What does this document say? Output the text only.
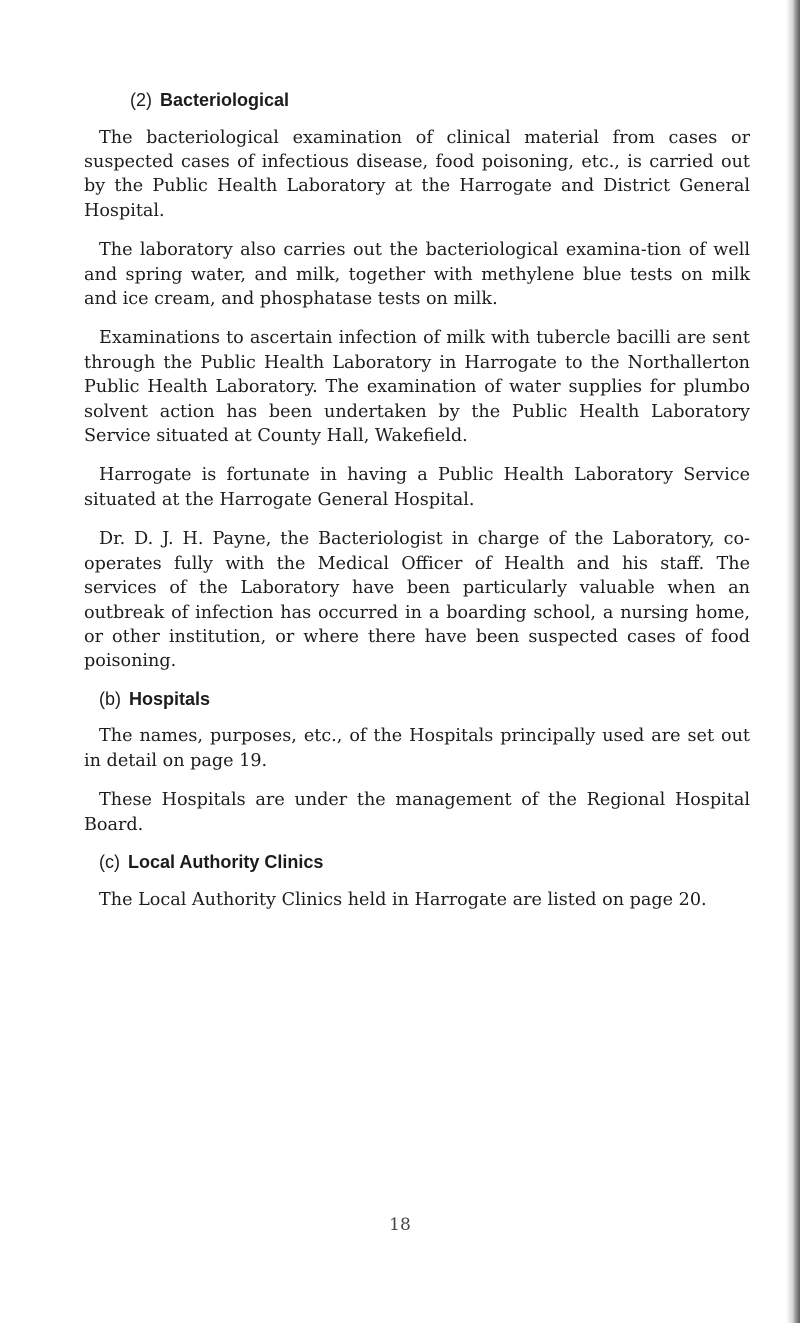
(2) Bacteriological

The bacteriological examination of clinical material from cases or suspected cases of infectious disease, food poisoning, etc., is carried out by the Public Health Laboratory at the Harrogate and District General Hospital.

The laboratory also carries out the bacteriological examina-tion of well and spring water, and milk, together with methylene blue tests on milk and ice cream, and phosphatase tests on milk.

Examinations to ascertain infection of milk with tubercle bacilli are sent through the Public Health Laboratory in Harrogate to the Northallerton Public Health Laboratory. The examination of water supplies for plumbo solvent action has been undertaken by the Public Health Laboratory Service situated at County Hall, Wakefield.

Harrogate is fortunate in having a Public Health Laboratory Service situated at the Harrogate General Hospital.

Dr. D. J. H. Payne, the Bacteriologist in charge of the Laboratory, co-operates fully with the Medical Officer of Health and his staff. The services of the Laboratory have been particularly valuable when an outbreak of infection has occurred in a boarding school, a nursing home, or other institution, or where there have been suspected cases of food poisoning.

(b) Hospitals

The names, purposes, etc., of the Hospitals principally used are set out in detail on page 19.

These Hospitals are under the management of the Regional Hospital Board.

(c) Local Authority Clinics

The Local Authority Clinics held in Harrogate are listed on page 20.

18
